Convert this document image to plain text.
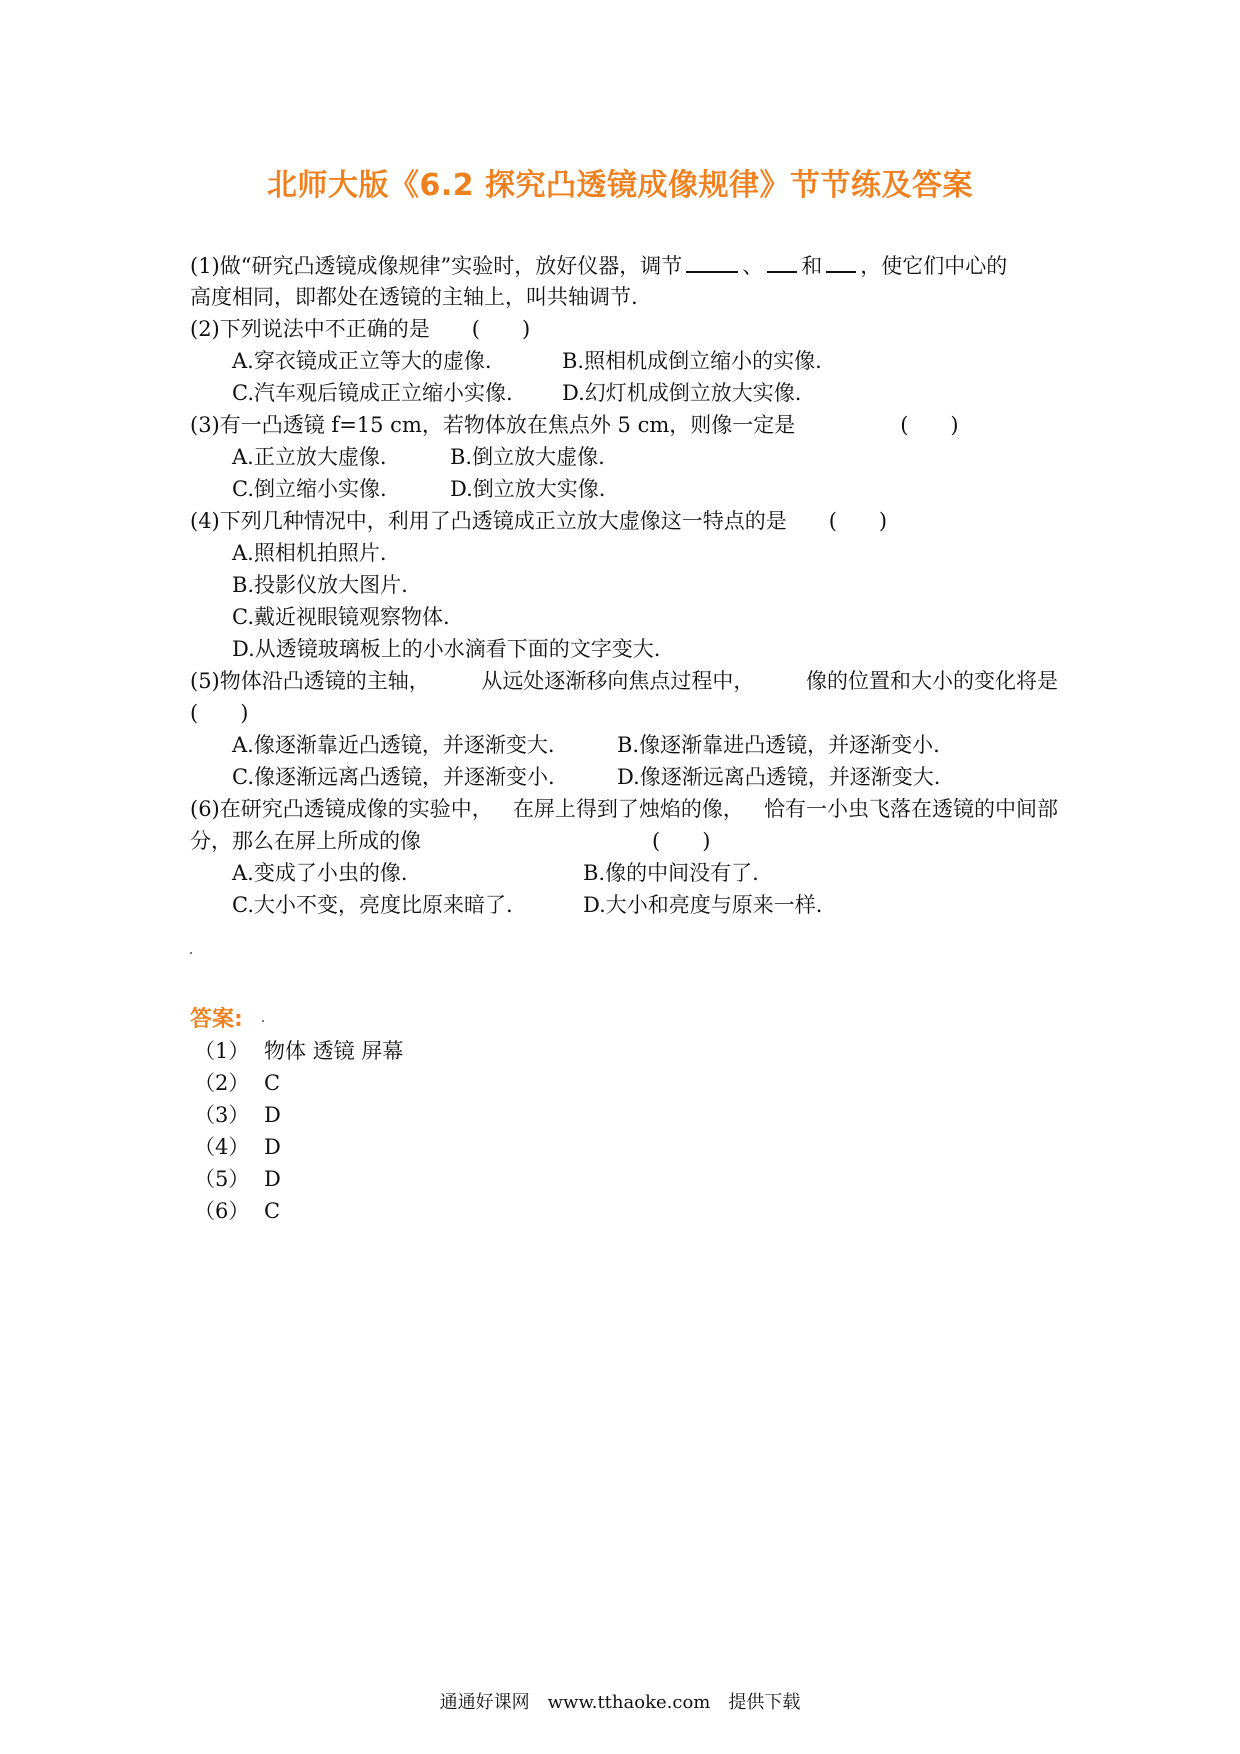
北师大版《6.2 探究凸透镜成像规律》节节练及答案
(1)做“研究凸透镜成像规律”实验时，放好仪器，调节	、 和 ，使它们中心的
高度相同，即都处在透镜的主轴上，叫共轴调节.
(2)下列说法中不正确的是　　(　　)
A.穿衣镜成正立等大的虚像.	B.照相机成倒立缩小的实像.
C.汽车观后镜成正立缩小实像. D.幻灯机成倒立放大实像.
(3)有一凸透镜 f=15 cm，若物体放在焦点外 5 cm，则像一定是　　　　　(　　)
A.正立放大虚像.	B.倒立放大虚像.
C.倒立缩小实像.	D.倒立放大实像.
(4)下列几种情况中，利用了凸透镜成正立放大虚像这一特点的是　　(　　)
A.照相机拍照片.
B.投影仪放大图片.
C.戴近视眼镜观察物体.
D.从透镜玻璃板上的小水滴看下面的文字变大.
(5)物体沿凸透镜的主轴， 从远处逐渐移向焦点过程中， 像的位置和大小的变化将是
(　　)
A.像逐渐靠近凸透镜，并逐渐变大.	B.像逐渐靠进凸透镜，并逐渐变小.
C.像逐渐远离凸透镜，并逐渐变小.	D.像逐渐远离凸透镜，并逐渐变大.
(6)在研究凸透镜成像的实验中， 在屏上得到了烛焰的像， 恰有一小虫飞落在透镜的中间部
分，那么在屏上所成的像　　　　　　　　　　　(　　)
A.变成了小虫的像.	B.像的中间没有了.
C.大小不变，亮度比原来暗了.	D.大小和亮度与原来一样.
答案:
（1） 物体 透镜 屏幕
（2） C
（3） D
（4） D
（5） D
（6） C
通通好课网　www.tthaoke.com　提供下载
